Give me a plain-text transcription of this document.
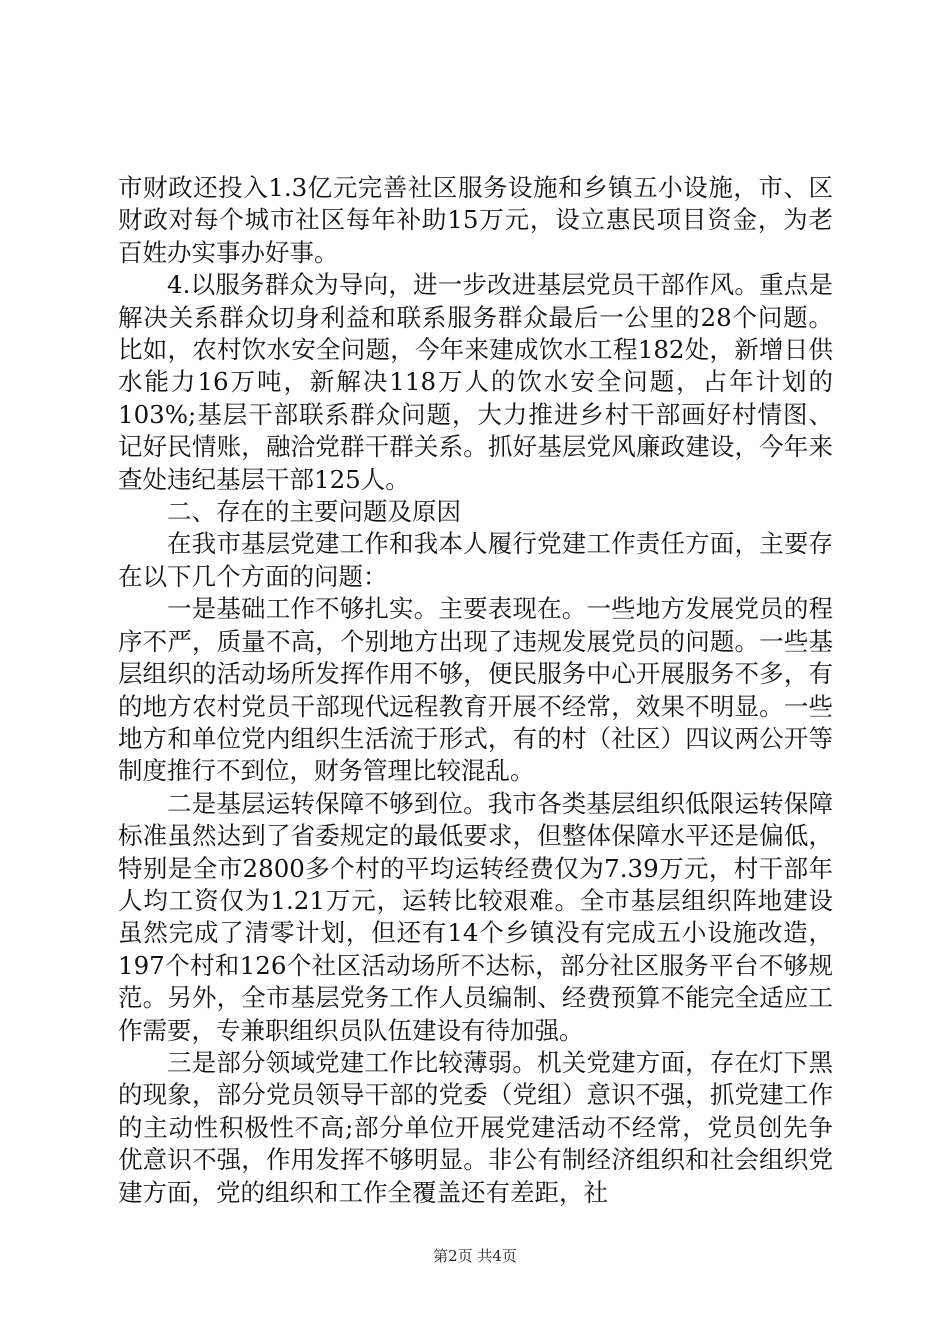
市财政还投入1.3亿元完善社区服务设施和乡镇五小设施，市、区财政对每个城市社区每年补助15万元，设立惠民项目资金，为老百姓办实事办好事。

4.以服务群众为导向，进一步改进基层党员干部作风。重点是解决关系群众切身利益和联系服务群众最后一公里的28个问题。比如，农村饮水安全问题，今年来建成饮水工程182处，新增日供水能力16万吨，新解决118万人的饮水安全问题，占年计划的103%;基层干部联系群众问题，大力推进乡村干部画好村情图、记好民情账，融洽党群干群关系。抓好基层党风廉政建设，今年来查处违纪基层干部125人。

二、存在的主要问题及原因

在我市基层党建工作和我本人履行党建工作责任方面，主要存在以下几个方面的问题：

一是基础工作不够扎实。主要表现在。一些地方发展党员的程序不严，质量不高，个别地方出现了违规发展党员的问题。一些基层组织的活动场所发挥作用不够，便民服务中心开展服务不多，有的地方农村党员干部现代远程教育开展不经常，效果不明显。一些地方和单位党内组织生活流于形式，有的村（社区）四议两公开等制度推行不到位，财务管理比较混乱。

二是基层运转保障不够到位。我市各类基层组织低限运转保障标准虽然达到了省委规定的最低要求，但整体保障水平还是偏低，特别是全市2800多个村的平均运转经费仅为7.39万元，村干部年人均工资仅为1.21万元，运转比较艰难。全市基层组织阵地建设虽然完成了清零计划，但还有14个乡镇没有完成五小设施改造，197个村和126个社区活动场所不达标，部分社区服务平台不够规范。另外，全市基层党务工作人员编制、经费预算不能完全适应工作需要，专兼职组织员队伍建设有待加强。

三是部分领域党建工作比较薄弱。机关党建方面，存在灯下黑的现象，部分党员领导干部的党委（党组）意识不强，抓党建工作的主动性积极性不高;部分单位开展党建活动不经常，党员创先争优意识不强，作用发挥不够明显。非公有制经济组织和社会组织党建方面，党的组织和工作全覆盖还有差距，社

第2页 共4页
